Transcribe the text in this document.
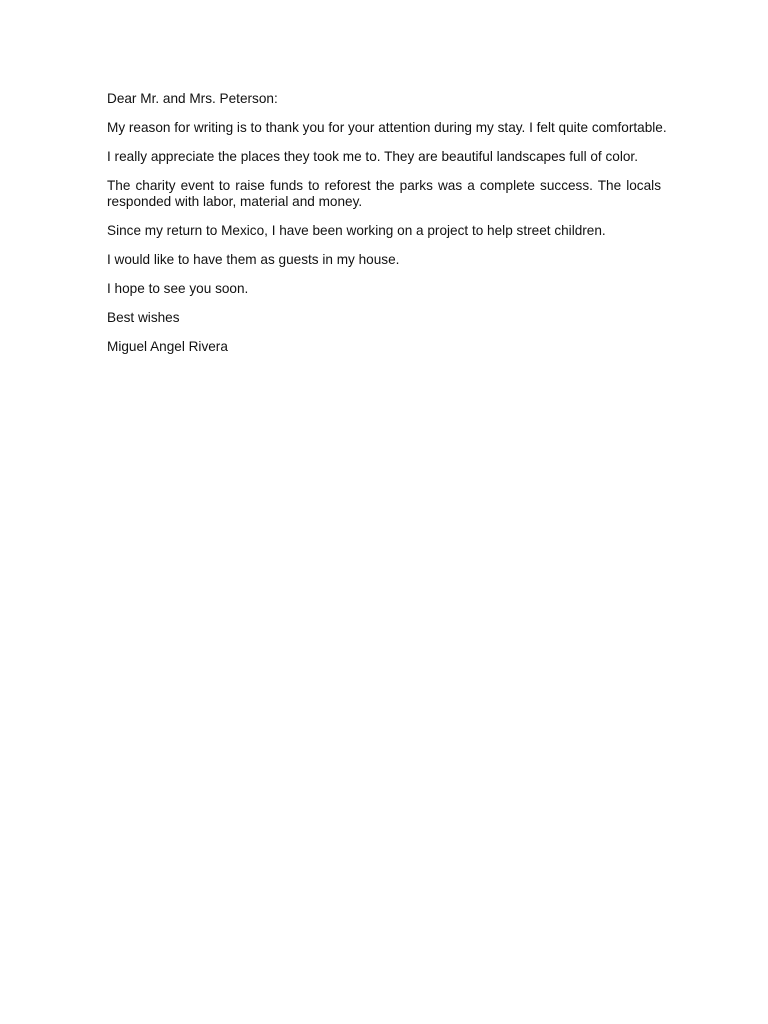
Dear Mr. and Mrs. Peterson:

My reason for writing is to thank you for your attention during my stay. I felt quite comfortable.

I really appreciate the places they took me to. They are beautiful landscapes full of color.

The charity event to raise funds to reforest the parks was a complete success. The locals responded with labor, material and money.

Since my return to Mexico, I have been working on a project to help street children.

I would like to have them as guests in my house.

I hope to see you soon.

Best wishes

Miguel Angel Rivera
